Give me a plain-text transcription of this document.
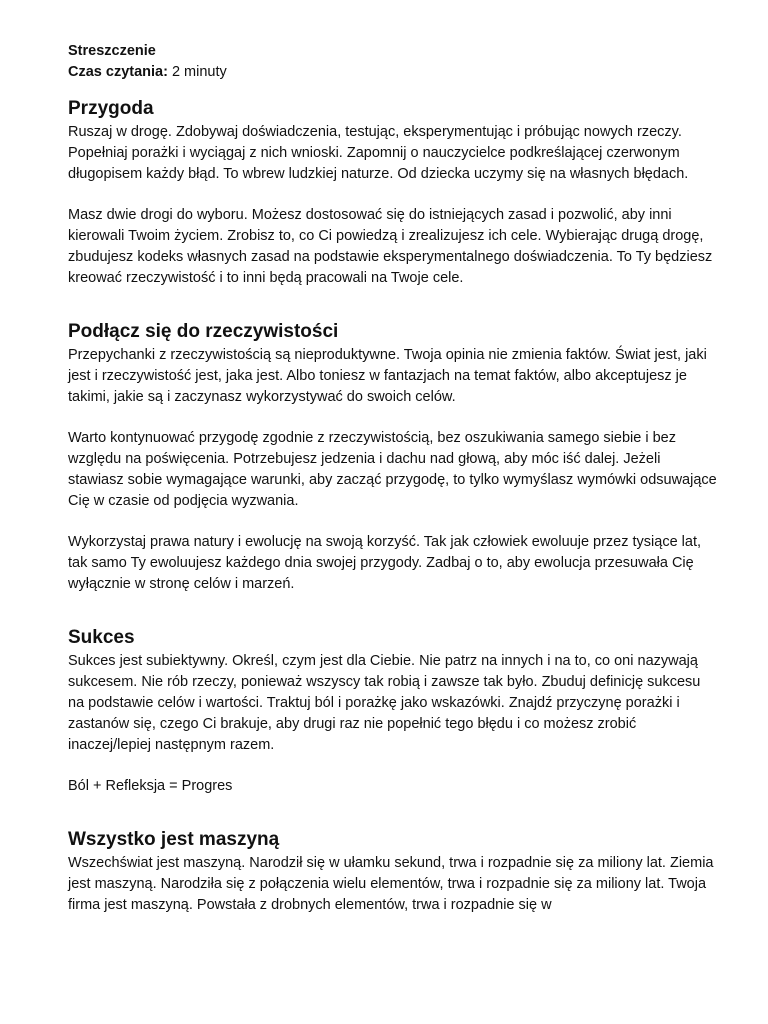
Streszczenie

Czas czytania: 2 minuty

Przygoda

Ruszaj w drogę. Zdobywaj doświadczenia, testując, eksperymentując i próbując nowych rzeczy. Popełniaj porażki i wyciągaj z nich wnioski. Zapomnij o nauczycielce podkreślającej czerwonym długopisem każdy błąd. To wbrew ludzkiej naturze. Od dziecka uczymy się na własnych błędach.

Masz dwie drogi do wyboru. Możesz dostosować się do istniejących zasad i pozwolić, aby inni kierowali Twoim życiem. Zrobisz to, co Ci powiedzą i zrealizujesz ich cele. Wybierając drugą drogę, zbudujesz kodeks własnych zasad na podstawie eksperymentalnego doświadczenia. To Ty będziesz kreować rzeczywistość i to inni będą pracowali na Twoje cele.

Podłącz się do rzeczywistości

Przepychanki z rzeczywistością są nieproduktywne. Twoja opinia nie zmienia faktów. Świat jest, jaki jest i rzeczywistość jest, jaka jest. Albo toniesz w fantazjach na temat faktów, albo akceptujesz je takimi, jakie są i zaczynasz wykorzystywać do swoich celów.

Warto kontynuować przygodę zgodnie z rzeczywistością, bez oszukiwania samego siebie i bez względu na poświęcenia. Potrzebujesz jedzenia i dachu nad głową, aby móc iść dalej. Jeżeli stawiasz sobie wymagające warunki, aby zacząć przygodę, to tylko wymyślasz wymówki odsuwające Cię w czasie od podjęcia wyzwania.

Wykorzystaj prawa natury i ewolucję na swoją korzyść. Tak jak człowiek ewoluuje przez tysiące lat, tak samo Ty ewoluujesz każdego dnia swojej przygody. Zadbaj o to, aby ewolucja przesuwała Cię wyłącznie w stronę celów i marzeń.

Sukces

Sukces jest subiektywny. Określ, czym jest dla Ciebie. Nie patrz na innych i na to, co oni nazywają sukcesem. Nie rób rzeczy, ponieważ wszyscy tak robią i zawsze tak było. Zbuduj definicję sukcesu na podstawie celów i wartości. Traktuj ból i porażkę jako wskazówki. Znajdź przyczynę porażki i zastanów się, czego Ci brakuje, aby drugi raz nie popełnić tego błędu i co możesz zrobić inaczej/lepiej następnym razem.

Ból + Refleksja = Progres

Wszystko jest maszyną

Wszechświat jest maszyną. Narodził się w ułamku sekund, trwa i rozpadnie się za miliony lat. Ziemia jest maszyną. Narodziła się z połączenia wielu elementów, trwa i rozpadnie się za miliony lat. Twoja firma jest maszyną. Powstała z drobnych elementów, trwa i rozpadnie się w
